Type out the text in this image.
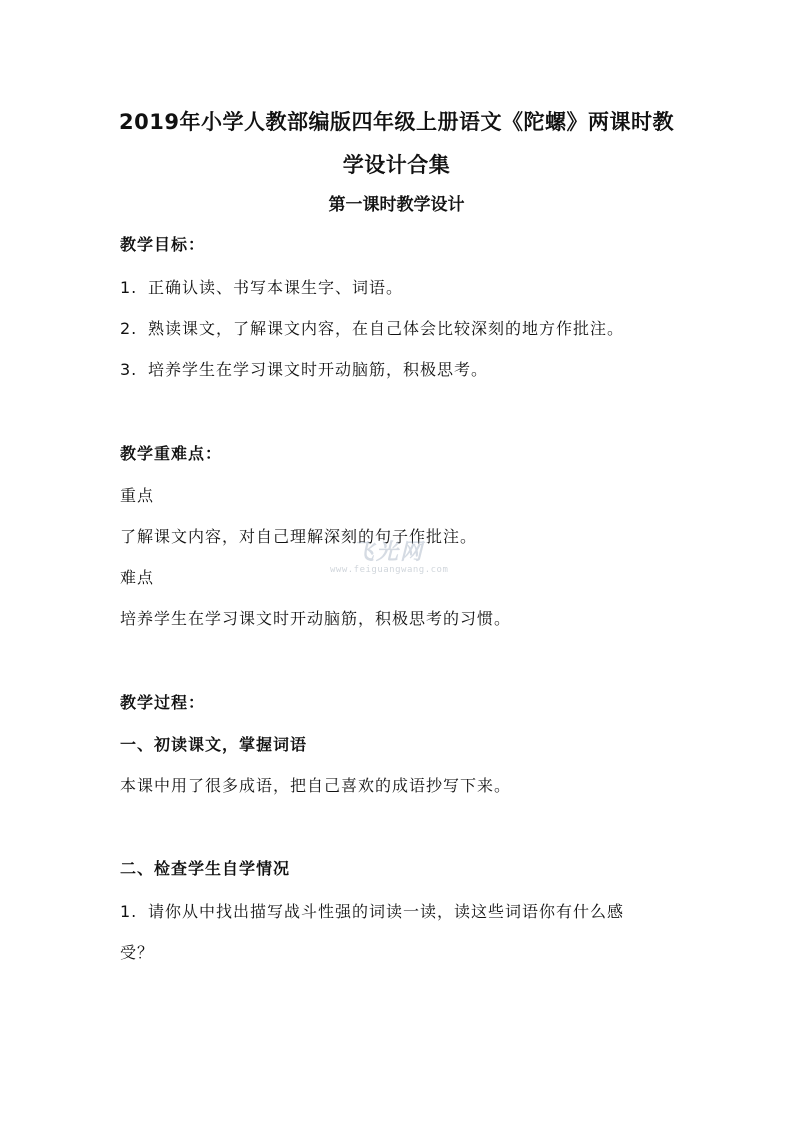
2019年小学人教部编版四年级上册语文《陀螺》两课时教
学设计合集
第一课时教学设计

教学目标：

1. 正确认读、书写本课生字、词语。

2. 熟读课文，了解课文内容，在自己体会比较深刻的地方作批注。

3. 培养学生在学习课文时开动脑筋，积极思考。

教学重难点：

重点

了解课文内容，对自己理解深刻的句子作批注。

难点

培养学生在学习课文时开动脑筋，积极思考的习惯。

教学过程：

一、初读课文，掌握词语

本课中用了很多成语，把自己喜欢的成语抄写下来。

二、检查学生自学情况

1. 请你从中找出描写战斗性强的词读一读，读这些词语你有什么感

受？

飞光网
www.feiguangwang.com
